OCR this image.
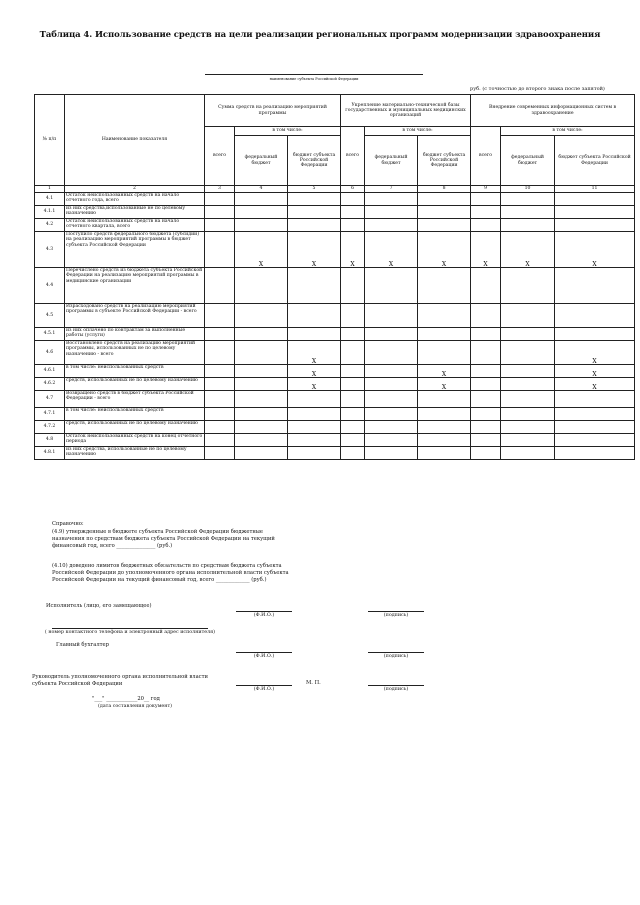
Таблица 4. Использование средств на цели реализации региональных программ модернизации здравоохранения
наименование субъекта Российской Федерации
руб. (с точностью до второго знака после запятой)
№ п/п	Наименование показателя	Сумма средств на реализацию мероприятий программы			Укрепление материально-технической базы государственных и муниципальных медицинских организаций			Внедрение современных информационных систем в здравоохранение		
		всего	в том числе:		всего	в том числе:		всего	в том числе:	
			федеральный бюджет	бюджет субъекта Российской Федерации		федеральный бюджет	бюджет субъекта Российской Федерации		федеральный бюджет	бюджет субъекта Российской Федерации
1	2	3	4	5	6	7	8	9	10	11
4.1	Остаток неиспользованных средств на начало отчетного года, всего									
4.1.1	из них средства,использованные не по целевому назначению									
4.2	Остаток неиспользованных средств на начало отчетного квартала, всего									
4.3	Поступило средств федерального бюджета (субсидии) на реализацию мероприятий программы в бюджет субъекта Российской Федерации		X	X	X	X	X	X	X	X
4.4	Перечислено средств из бюджета субъекта Российской Федерации на реализацию мероприятий программы в медицинские организации									
4.5	Израсходовано средств на реализацию мероприятий программы в субъекте Российской Федерации - всего									
4.5.1	из них оплачено по контрактам за выполненные работы (услуги)									
4.6	Восстановлено средств на реализацию мероприятий программы, использованных не по целевому назначению - всего			X						X
4.6.1	в том числе: неиспользованных средств			X			X			X
4.6.2	средств, использованных не по целевому назначению			X			X			X
4.7	Возвращено средств в бюджет субъекта Российской Федерации - всего									
4.7.1	в том числе: неиспользованных средств									
4.7.2	средств, использованных не по целевому назначению									
4.8	Остаток неиспользованных средств на конец отчетного периода									
4.8.1	из них средства, использованные не по целевому назначению									
Справочно:
(4.9) утвержденные в бюджете субъекта Российской Федерации бюджетные назначения по средствам бюджета субъекта Российской Федерации на текущий финансовый год, всего _______________ (руб.)
(4.10) доведено лимитов бюджетных обязательств по средствам бюджета субъекта Российской Федерации до уполномоченного органа исполнительной власти субъекта Российской Федерации на текущий финансовый год, всего _____________ (руб.)
Исполнитель (лицо, его замещающее)
(Ф.И.О.)	(подпись)
( номер контактного телефона и электронный адрес исполнителя)
Главный бухгалтер
(Ф.И.О.)	(подпись)
Руководитель уполномоченного органа исполнительной власти субъекта Российской Федерации
(Ф.И.О.)
М. П.
(подпись)
"___" ____________20__ год
(дата составления документ)
